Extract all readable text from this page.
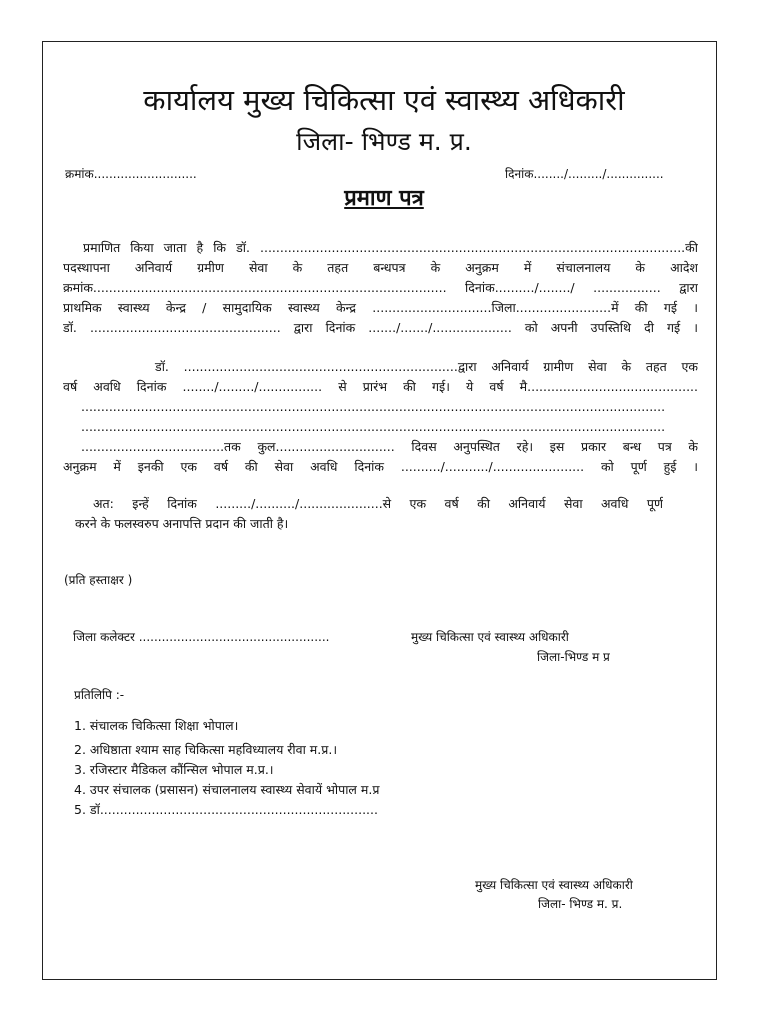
कार्यालय मुख्य चिकित्सा एवं स्वास्थ्य अधिकारी
जिला- भिण्ड म. प्र.
क्रमांक...........................	दिनांक......../........./...............
प्रमाण पत्र
प्रमाणित किया जाता है कि डॉ. ...........................................................................................................की
पदस्थापना अनिवार्य ग्रमीण सेवा के तहत बन्धपत्र के अनुक्रम में संचालनालय के आदेश
क्रमांक......................................................................................... दिनांक........../......../ ................. द्वारा
प्राथमिक स्वास्थ्य केन्द्र / सामुदायिक स्वास्थ्य केन्द्र ..............................जिला........................में की गई ।
डॉ. ................................................ द्वारा दिनांक ......./......./.................... को अपनी उपस्तिथि दी गई ।
डॉ. .....................................................................द्वारा अनिवार्य ग्रामीण सेवा के तहत एक
वर्ष अवधि दिनांक ......../........./................ से प्रारंभ की गई। ये वर्ष मै...........................................
...................................................................................................................................................
...................................................................................................................................................
....................................तक कुल.............................. दिवस अनुपस्थित रहे। इस प्रकार बन्ध पत्र के
अनुक्रम में इनकी एक वर्ष की सेवा अवधि दिनांक ........../.........../....................... को पूर्ण हुई ।
अत: इन्हें दिनांक ........./........../.....................से एक वर्ष की अनिवार्य सेवा अवधि पूर्ण
करने के फलस्वरुप अनापत्ति प्रदान की जाती है।
(प्रति हस्ताक्षर )
जिला कलेक्टर ..................................................	मुख्य चिकित्सा एवं स्वास्थ्य अधिकारी
जिला-भिण्ड म प्र
प्रतिलिपि :-
1. संचालक चिकित्सा शिक्षा भोपाल।
2. अधिष्ठाता श्याम साह चिकित्सा महविध्यालय रीवा म.प्र.।
3. रजिस्टार मैडिकल कौंन्सिल भोपाल म.प्र.।
4. उपर संचालक (प्रसासन) संचालनालय स्वास्थ्य सेवायें भोपाल म.प्र
5. डॉ......................................................................
मुख्य चिकित्सा एवं स्वास्थ्य अधिकारी
जिला- भिण्ड म. प्र.
